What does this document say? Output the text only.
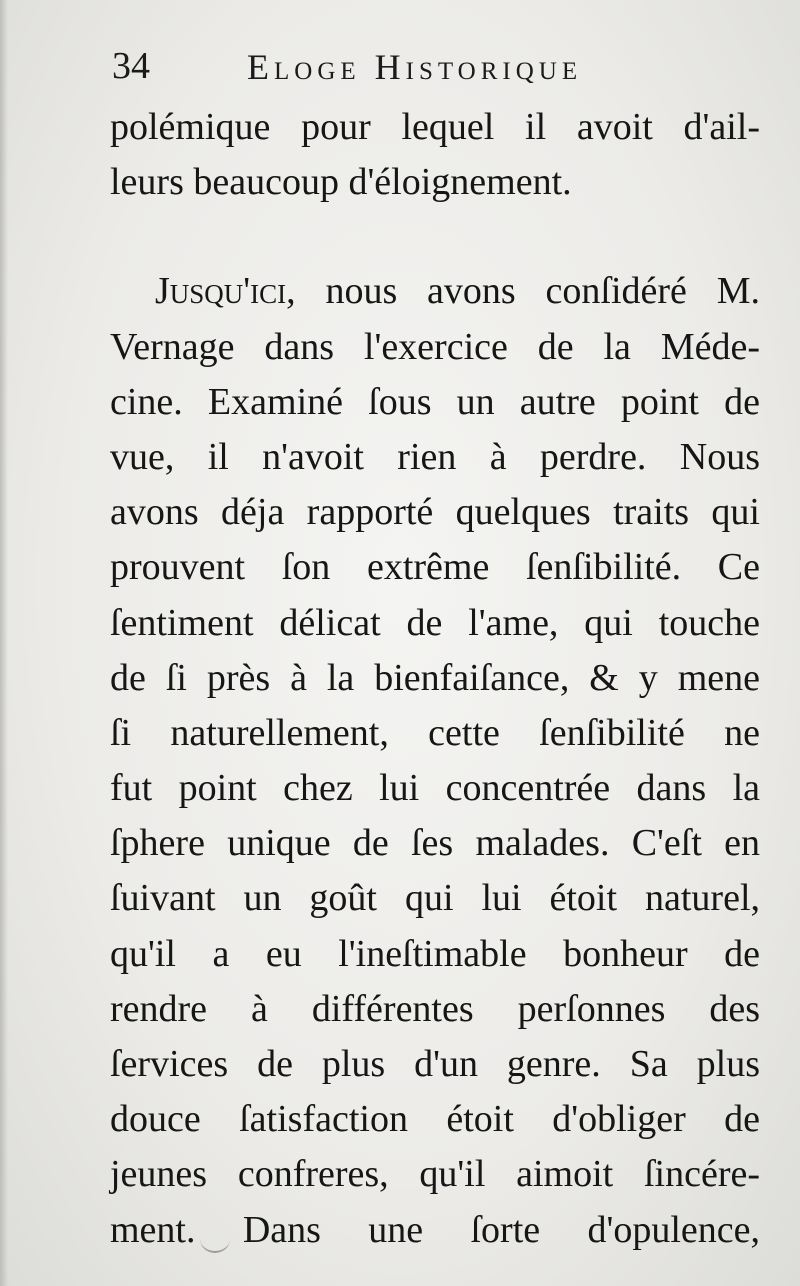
34	Eloge Historique
polémique pour lequel il avoit d'ail-
leurs beaucoup d'éloignement.
Jusqu'ici, nous avons conſidéré M.
Vernage dans l'exercice de la Méde-
cine. Examiné ſous un autre point de
vue, il n'avoit rien à perdre. Nous
avons déja rapporté quelques traits qui
prouvent ſon extrême ſenſibilité. Ce
ſentiment délicat de l'ame, qui touche
de ſi près à la bienfaiſance, & y mene
ſi naturellement, cette ſenſibilité ne
fut point chez lui concentrée dans la
ſphere unique de ſes malades. C'eſt en
ſuivant un goût qui lui étoit naturel,
qu'il a eu l'ineſtimable bonheur de
rendre à différentes perſonnes des
ſervices de plus d'un genre. Sa plus
douce ſatisfaction étoit d'obliger de
jeunes confreres, qu'il aimoit ſincére-
ment. Dans une ſorte d'opulence,
